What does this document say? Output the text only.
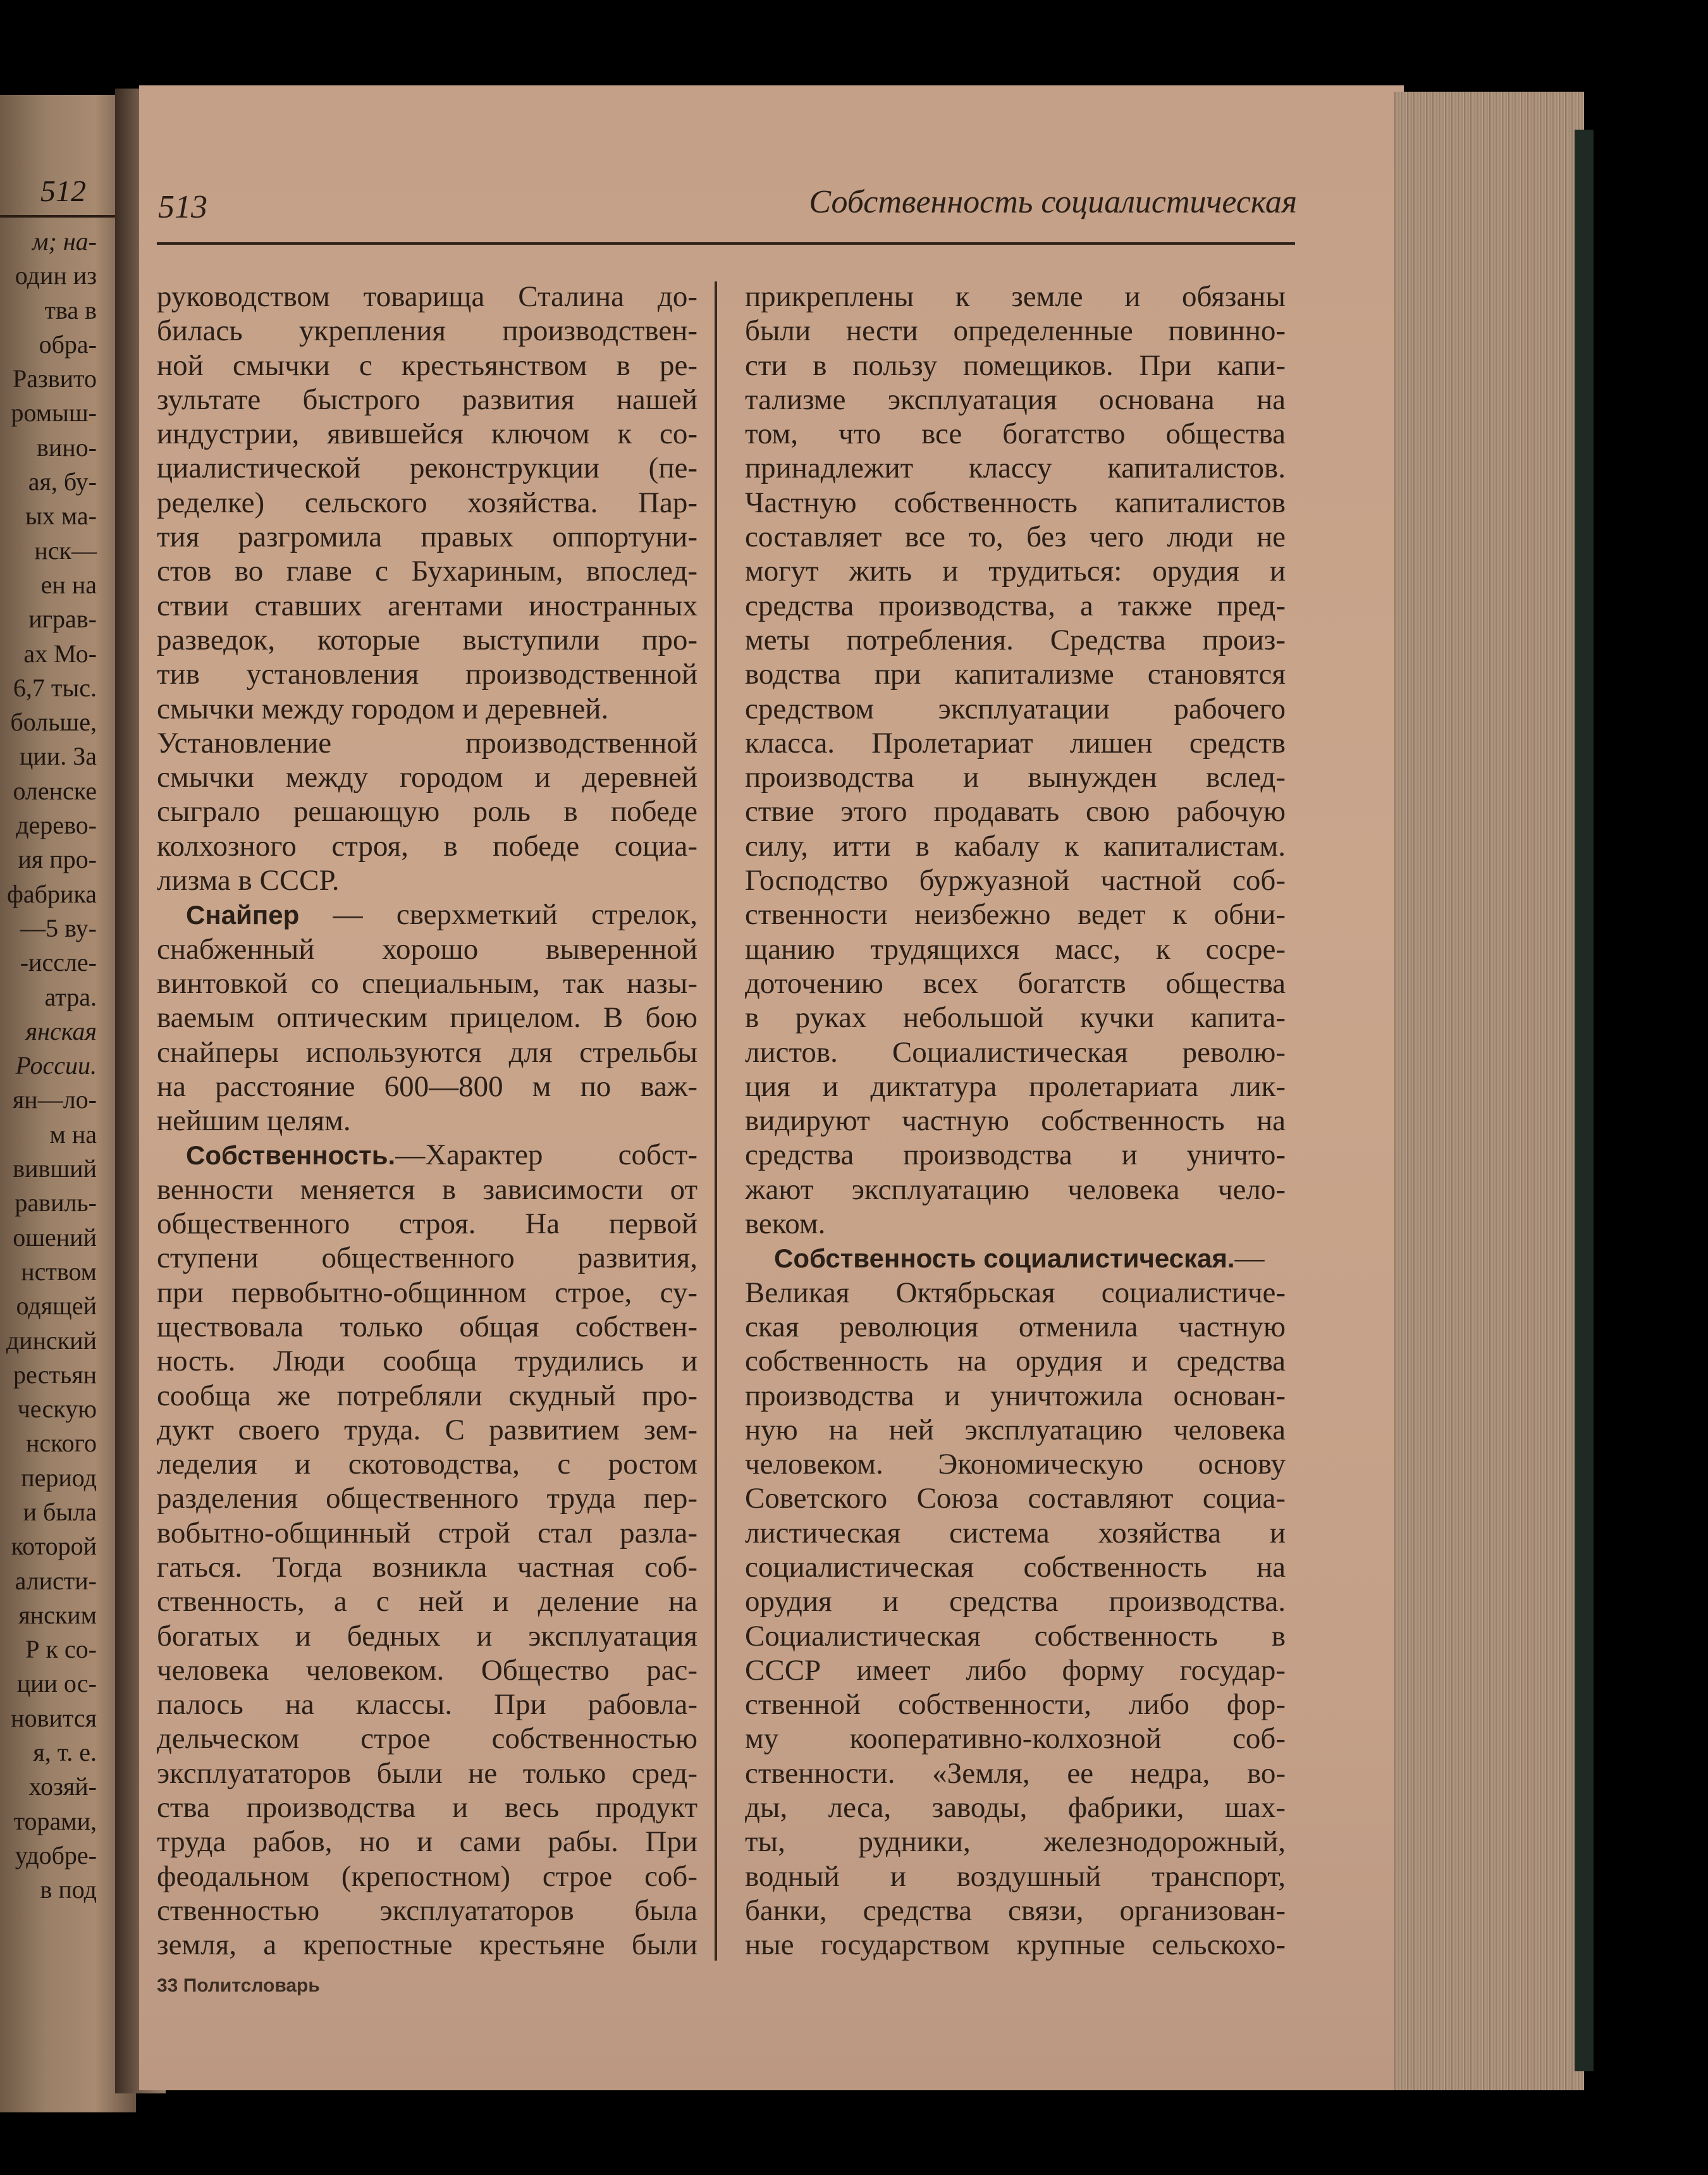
512
м; на-
один из
тва в
обра-
Развито
ромыш-
вино-
ая, бу-
ых ма-
нск—
ен на
играв-
ах Мо-
6,7 тыс.
больше,
ции. За
оленске
дерево-
ия про-
фабрика
—5 ву-
-иссле-
атра.
янская
России.
ян—ло-
м на
вивший
равиль-
ошений
нством
одящей
динский
рестьян
ческую
нского
период
и была
которой
алисти-
янским
Р к со-
ции ос-
новится
я, т. е.
хозяй-
торами,
удобре-
в под
513	Собственность социалистическая
руководством товарища Сталина до-
билась укрепления производствен-
ной смычки с крестьянством в ре-
зультате быстрого развития нашей
индустрии, явившейся ключом к со-
циалистической реконструкции (пе-
ределке) сельского хозяйства. Пар-
тия разгромила правых оппортуни-
стов во главе с Бухариным, впослед-
ствии ставших агентами иностранных
разведок, которые выступили про-
тив установления производственной
смычки между городом и деревней.
Установление производственной
смычки между городом и деревней
сыграло решающую роль в победе
колхозного строя, в победе социа-
лизма в СССР.
Снайпер — сверхметкий стрелок,
снабженный хорошо выверенной
винтовкой со специальным, так назы-
ваемым оптическим прицелом. В бою
снайперы используются для стрельбы
на расстояние 600—800 м по важ-
нейшим целям.
Собственность.—Характер собст-
венности меняется в зависимости от
общественного строя. На первой
ступени общественного развития,
при первобытно-общинном строе, су-
ществовала только общая собствен-
ность. Люди сообща трудились и
сообща же потребляли скудный про-
дукт своего труда. С развитием зем-
леделия и скотоводства, с ростом
разделения общественного труда пер-
вобытно-общинный строй стал разла-
гаться. Тогда возникла частная соб-
ственность, а с ней и деление на
богатых и бедных и эксплуатация
человека человеком. Общество рас-
палось на классы. При рабовла-
дельческом строе собственностью
эксплуататоров были не только сред-
ства производства и весь продукт
труда рабов, но и сами рабы. При
феодальном (крепостном) строе соб-
ственностью эксплуататоров была
земля, а крепостные крестьяне были
прикреплены к земле и обязаны
были нести определенные повинно-
сти в пользу помещиков. При капи-
тализме эксплуатация основана на
том, что все богатство общества
принадлежит классу капиталистов.
Частную собственность капиталистов
составляет все то, без чего люди не
могут жить и трудиться: орудия и
средства производства, а также пред-
меты потребления. Средства произ-
водства при капитализме становятся
средством эксплуатации рабочего
класса. Пролетариат лишен средств
производства и вынужден вслед-
ствие этого продавать свою рабочую
силу, итти в кабалу к капиталистам.
Господство буржуазной частной соб-
ственности неизбежно ведет к обни-
щанию трудящихся масс, к сосре-
доточению всех богатств общества
в руках небольшой кучки капита-
листов. Социалистическая револю-
ция и диктатура пролетариата лик-
видируют частную собственность на
средства производства и уничто-
жают эксплуатацию человека чело-
веком.
Собственность социалистическая.—
Великая Октябрьская социалистиче-
ская революция отменила частную
собственность на орудия и средства
производства и уничтожила основан-
ную на ней эксплуатацию человека
человеком. Экономическую основу
Советского Союза составляют социа-
листическая система хозяйства и
социалистическая собственность на
орудия и средства производства.
Социалистическая собственность в
СССР имеет либо форму государ-
ственной собственности, либо фор-
му кооперативно-колхозной соб-
ственности. «Земля, ее недра, во-
ды, леса, заводы, фабрики, шах-
ты, рудники, железнодорожный,
водный и воздушный транспорт,
банки, средства связи, организован-
ные государством крупные сельскохо-
33 Политсловарь
